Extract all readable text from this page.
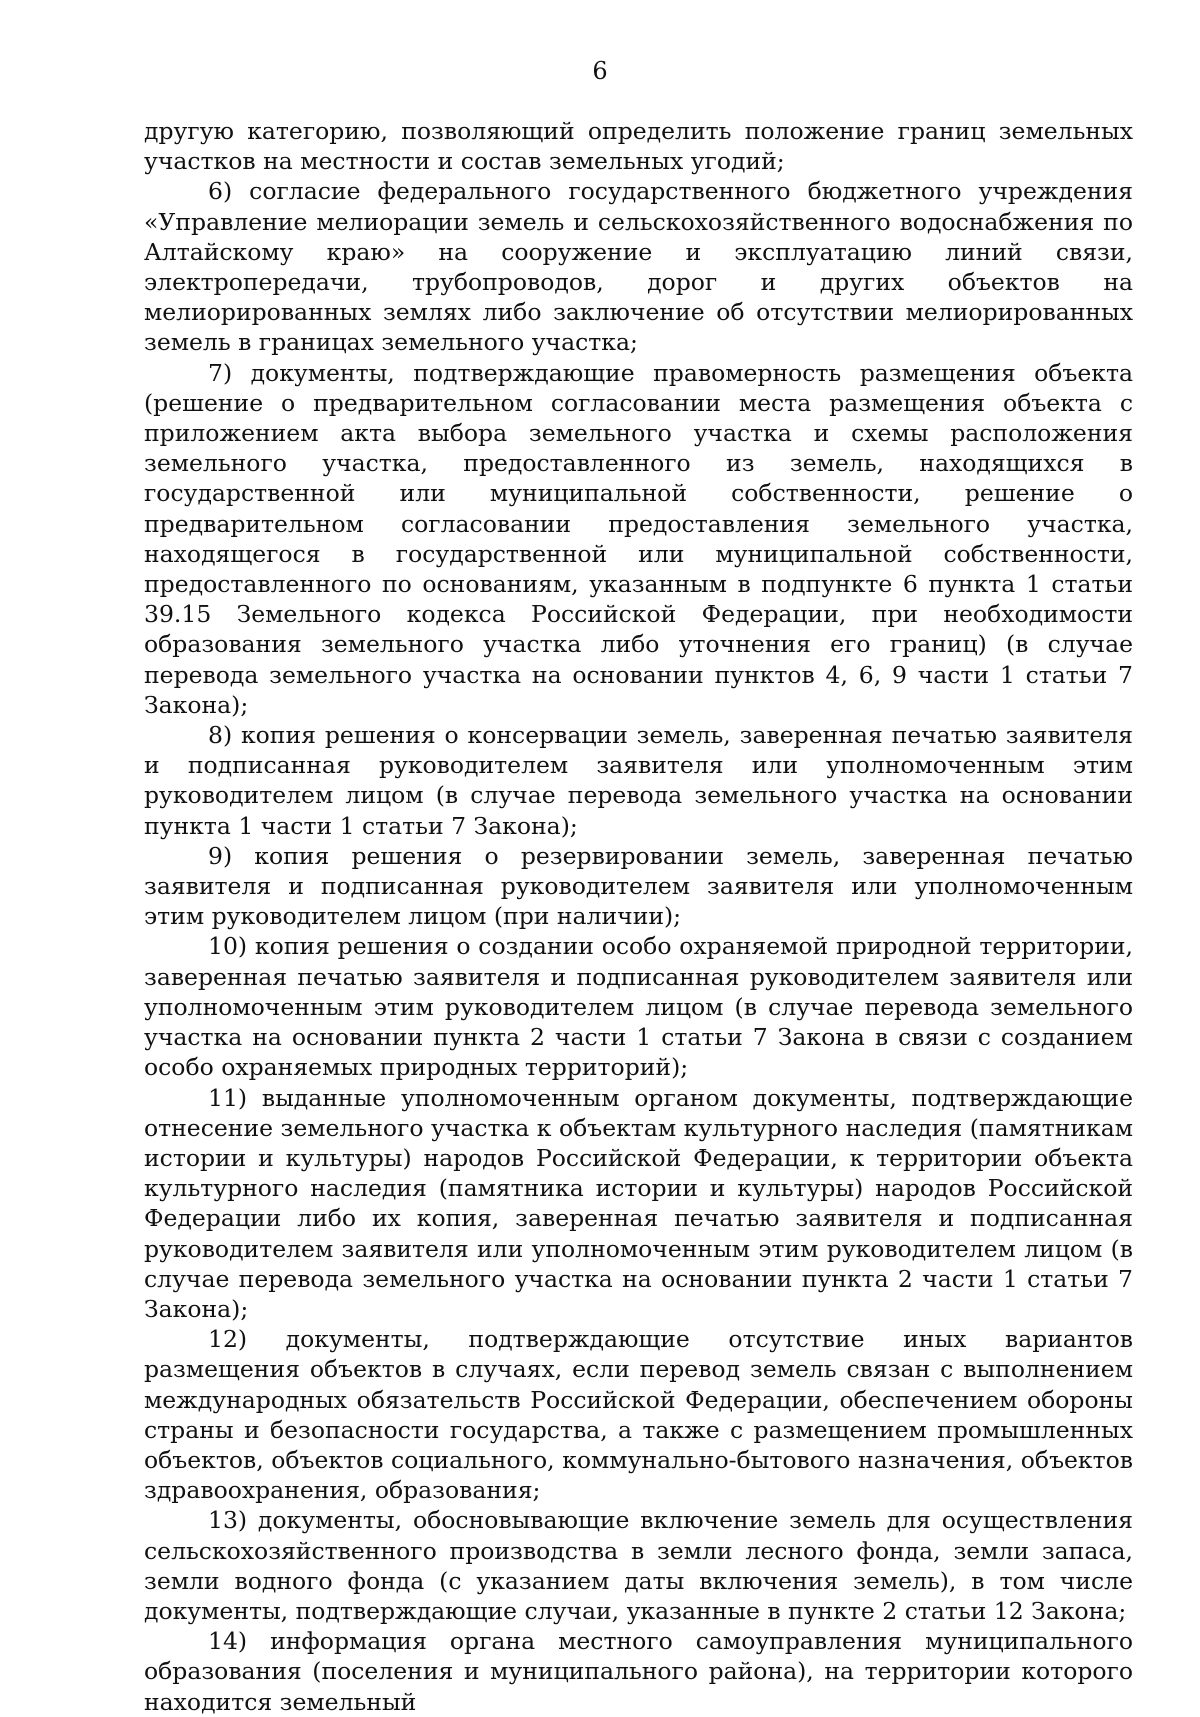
6

другую категорию, позволяющий определить положение границ земельных участков на местности и состав земельных угодий;

6) согласие федерального государственного бюджетного учреждения «Управление мелиорации земель и сельскохозяйственного водоснабжения по Алтайскому краю» на сооружение и эксплуатацию линий связи, электропередачи, трубопроводов, дорог и других объектов на мелиорированных землях либо заключение об отсутствии мелиорированных земель в границах земельного участка;

7) документы, подтверждающие правомерность размещения объекта (решение о предварительном согласовании места размещения объекта с приложением акта выбора земельного участка и схемы расположения земельного участка, предоставленного из земель, находящихся в государственной или муниципальной собственности, решение о предварительном согласовании предоставления земельного участка, находящегося в государственной или муниципальной собственности, предоставленного по основаниям, указанным в подпункте 6 пункта 1 статьи 39.15 Земельного кодекса Российской Федерации, при необходимости образования земельного участка либо уточнения его границ) (в случае перевода земельного участка на основании пунктов 4, 6, 9 части 1 статьи 7 Закона);

8) копия решения о консервации земель, заверенная печатью заявителя и подписанная руководителем заявителя или уполномоченным этим руководителем лицом (в случае перевода земельного участка на основании пункта 1 части 1 статьи 7 Закона);

9) копия решения о резервировании земель, заверенная печатью заявителя и подписанная руководителем заявителя или уполномоченным этим руководителем лицом (при наличии);

10) копия решения о создании особо охраняемой природной территории, заверенная печатью заявителя и подписанная руководителем заявителя или уполномоченным этим руководителем лицом (в случае перевода земельного участка на основании пункта 2 части 1 статьи 7 Закона в связи с созданием особо охраняемых природных территорий);

11) выданные уполномоченным органом документы, подтверждающие отнесение земельного участка к объектам культурного наследия (памятникам истории и культуры) народов Российской Федерации, к территории объекта культурного наследия (памятника истории и культуры) народов Российской Федерации либо их копия, заверенная печатью заявителя и подписанная руководителем заявителя или уполномоченным этим руководителем лицом (в случае перевода земельного участка на основании пункта 2 части 1 статьи 7 Закона);

12) документы, подтверждающие отсутствие иных вариантов размещения объектов в случаях, если перевод земель связан с выполнением международных обязательств Российской Федерации, обеспечением обороны страны и безопасности государства, а также с размещением промышленных объектов, объектов социального, коммунально-бытового назначения, объектов здравоохранения, образования;

13) документы, обосновывающие включение земель для осуществления сельскохозяйственного производства в земли лесного фонда, земли запаса, земли водного фонда (с указанием даты включения земель), в том числе документы, подтверждающие случаи, указанные в пункте 2 статьи 12 Закона;

14) информация органа местного самоуправления муниципального образования (поселения и муниципального района), на территории которого находится земельный
